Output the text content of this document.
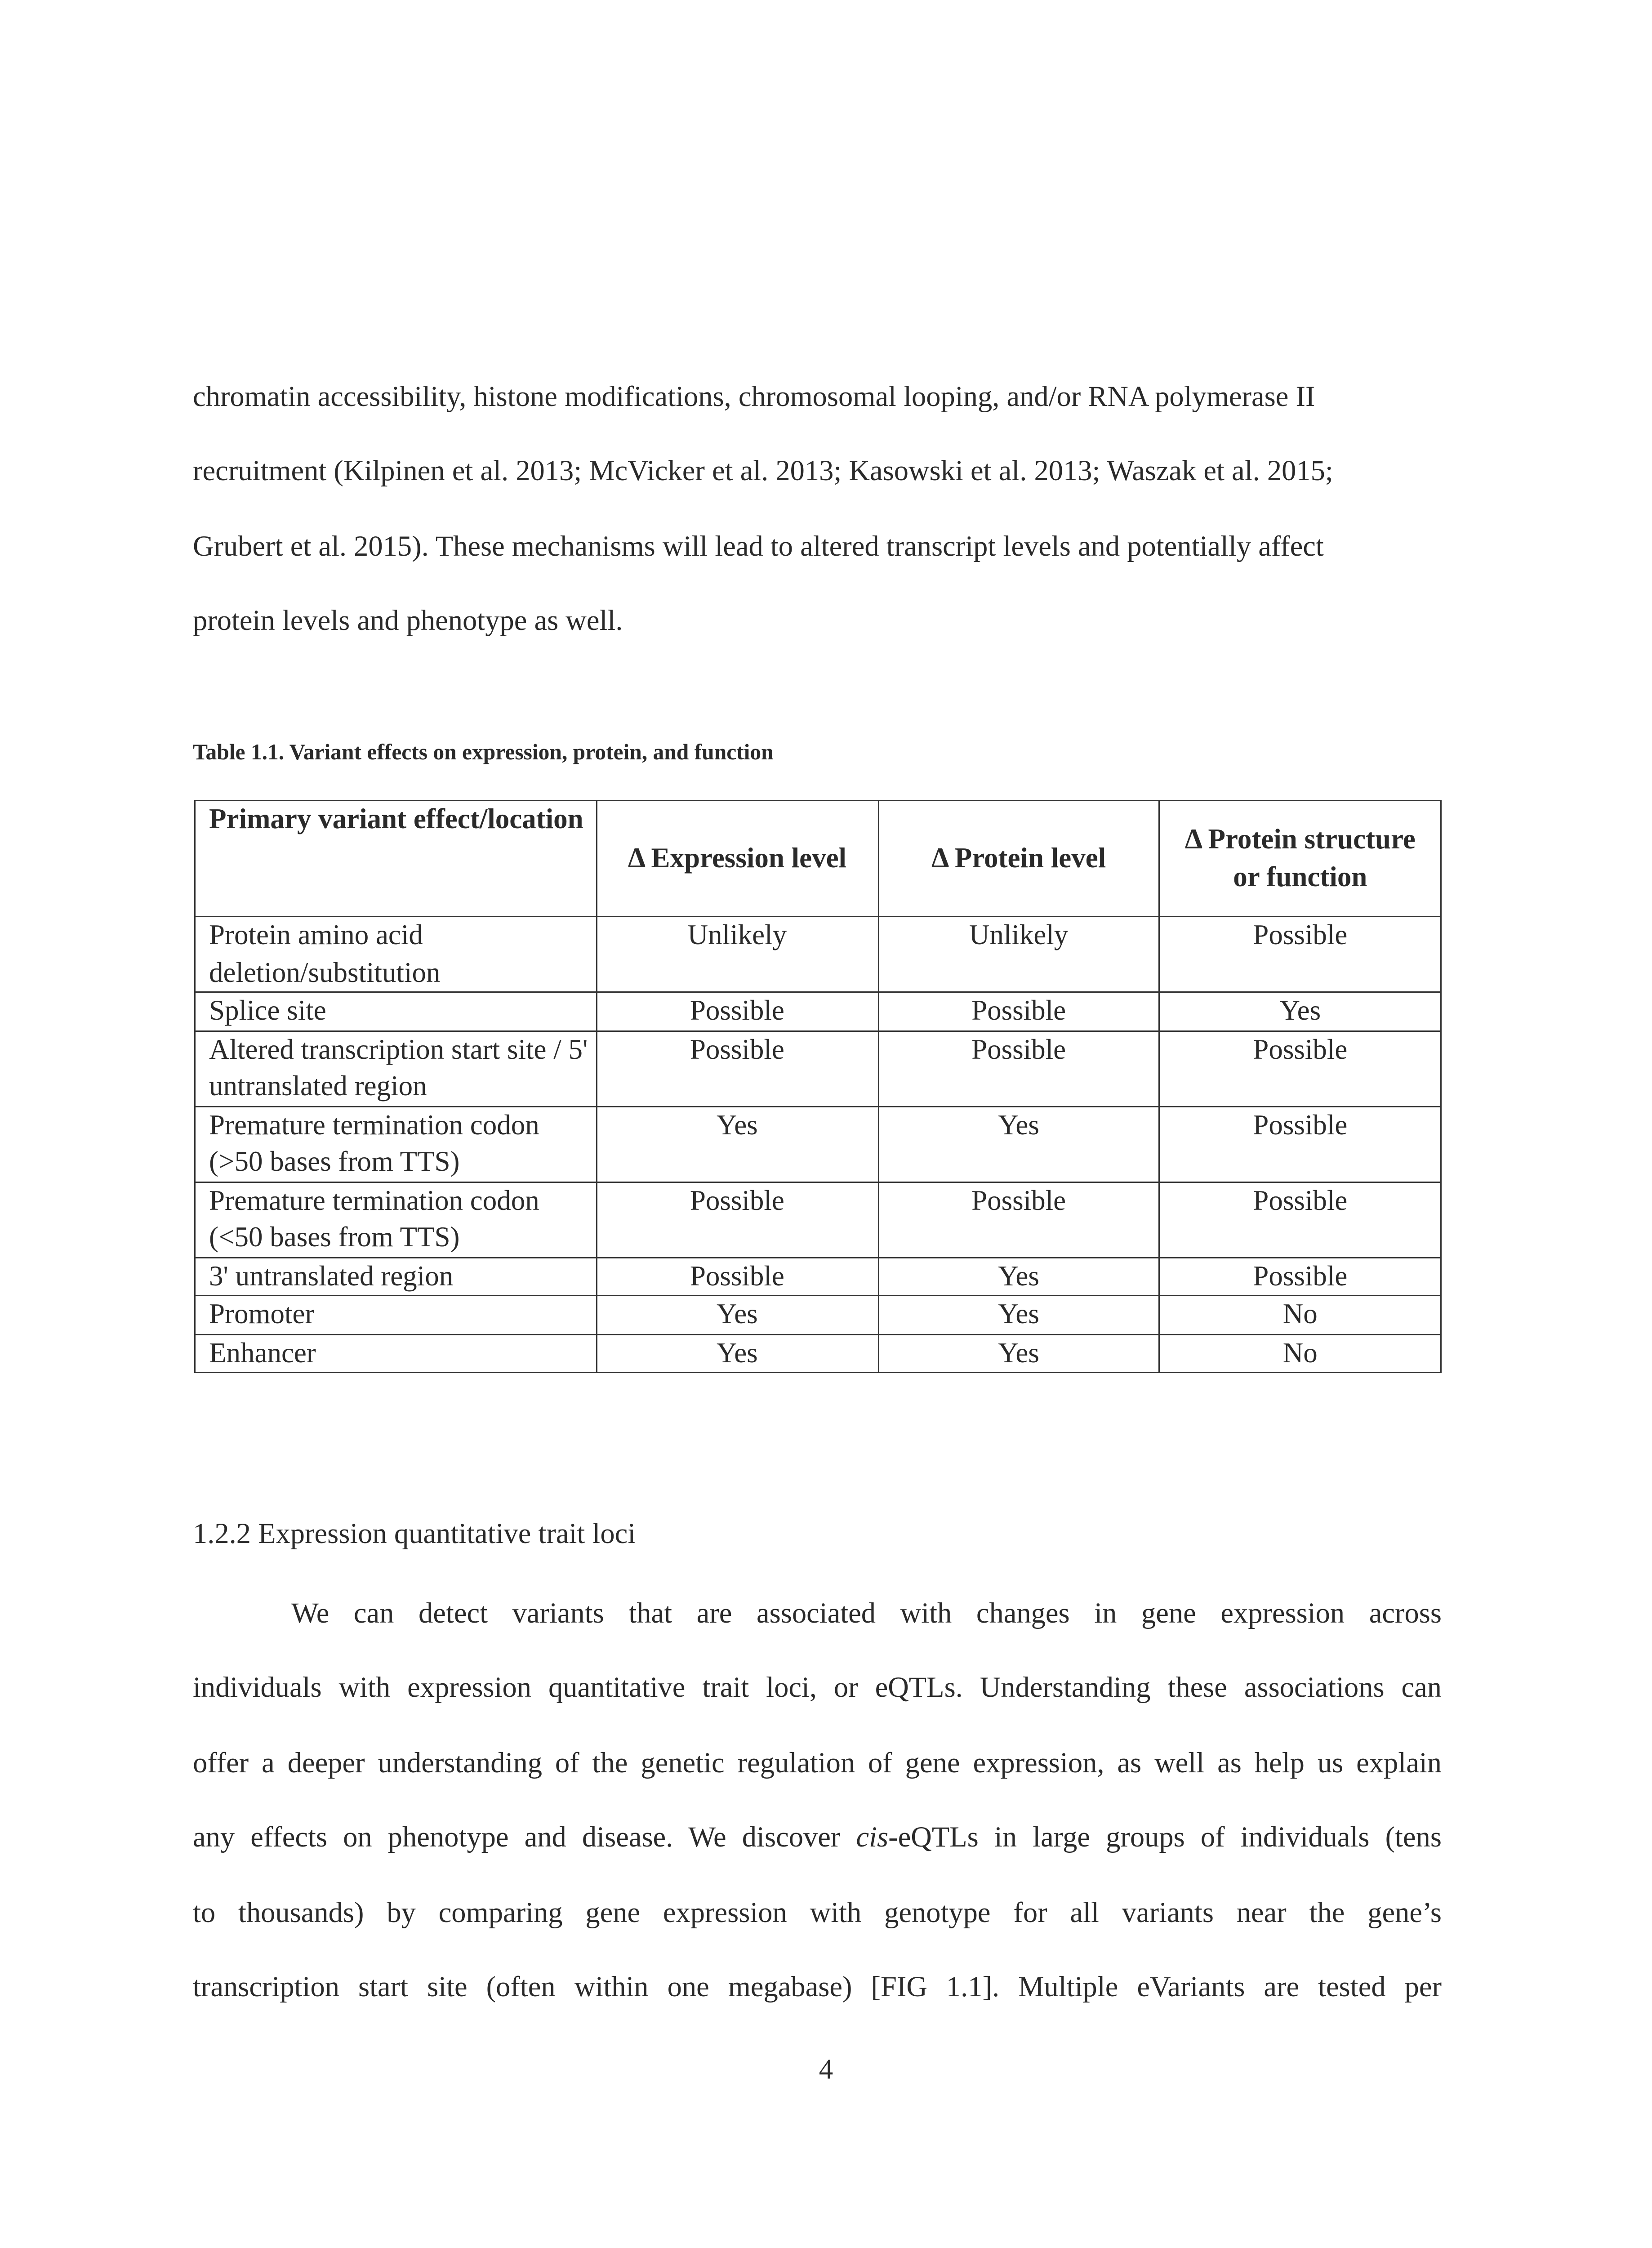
chromatin accessibility, histone modifications, chromosomal looping, and/or RNA polymerase II
recruitment (Kilpinen et al. 2013; McVicker et al. 2013; Kasowski et al. 2013; Waszak et al. 2015;
Grubert et al. 2015). These mechanisms will lead to altered transcript levels and potentially affect
protein levels and phenotype as well.
Table 1.1. Variant effects on expression, protein, and function
Primary variant effect/location	Δ Expression level	Δ Protein level	Δ Protein structure or function
Protein amino acid deletion/substitution	Unlikely	Unlikely	Possible
Splice site	Possible	Possible	Yes
Altered transcription start site / 5' untranslated region	Possible	Possible	Possible
Premature termination codon (>50 bases from TTS)	Yes	Yes	Possible
Premature termination codon (<50 bases from TTS)	Possible	Possible	Possible
3' untranslated region	Possible	Yes	Possible
Promoter	Yes	Yes	No
Enhancer	Yes	Yes	No
1.2.2 Expression quantitative trait loci
We can detect variants that are associated with changes in gene expression across
individuals with expression quantitative trait loci, or eQTLs. Understanding these associations can
offer a deeper understanding of the genetic regulation of gene expression, as well as help us explain
any effects on phenotype and disease. We discover cis-eQTLs in large groups of individuals (tens
to thousands) by comparing gene expression with genotype for all variants near the gene’s
transcription start site (often within one megabase) [FIG 1.1]. Multiple eVariants are tested per
4
